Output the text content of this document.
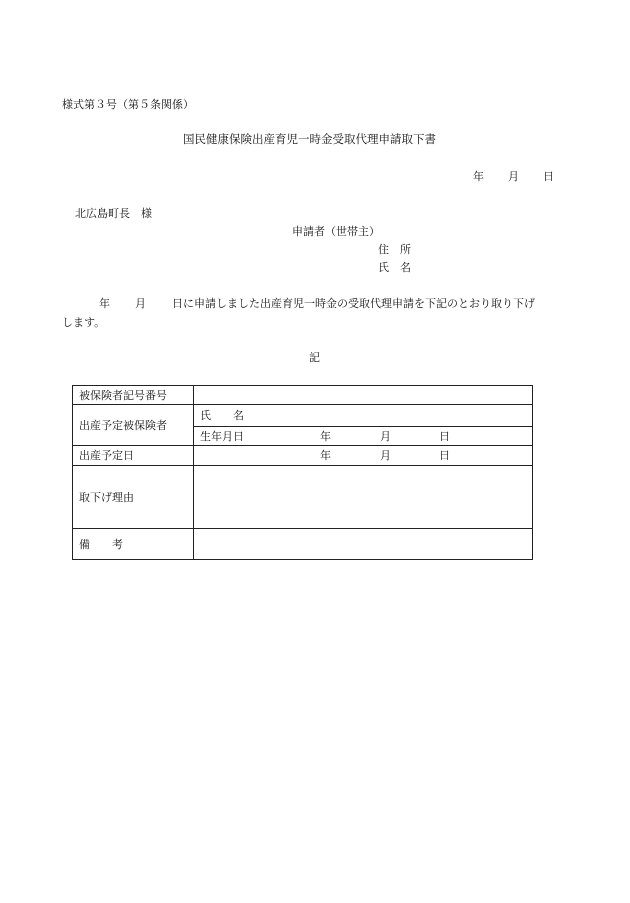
様式第３号（第５条関係）
国民健康保険出産育児一時金受取代理申請取下書
年 月 日
北広島町長　様
申請者（世帯主）
住　所
氏　名
年 月 日に申請しました出産育児一時金の受取代理申請を下記のとおり取り下げ
します。
記
被保険者記号番号	
出産予定被保険者	氏　　名

	生年月日 年 月 日

出産予定日	年 月 日

取下げ理由	
備　　考	
